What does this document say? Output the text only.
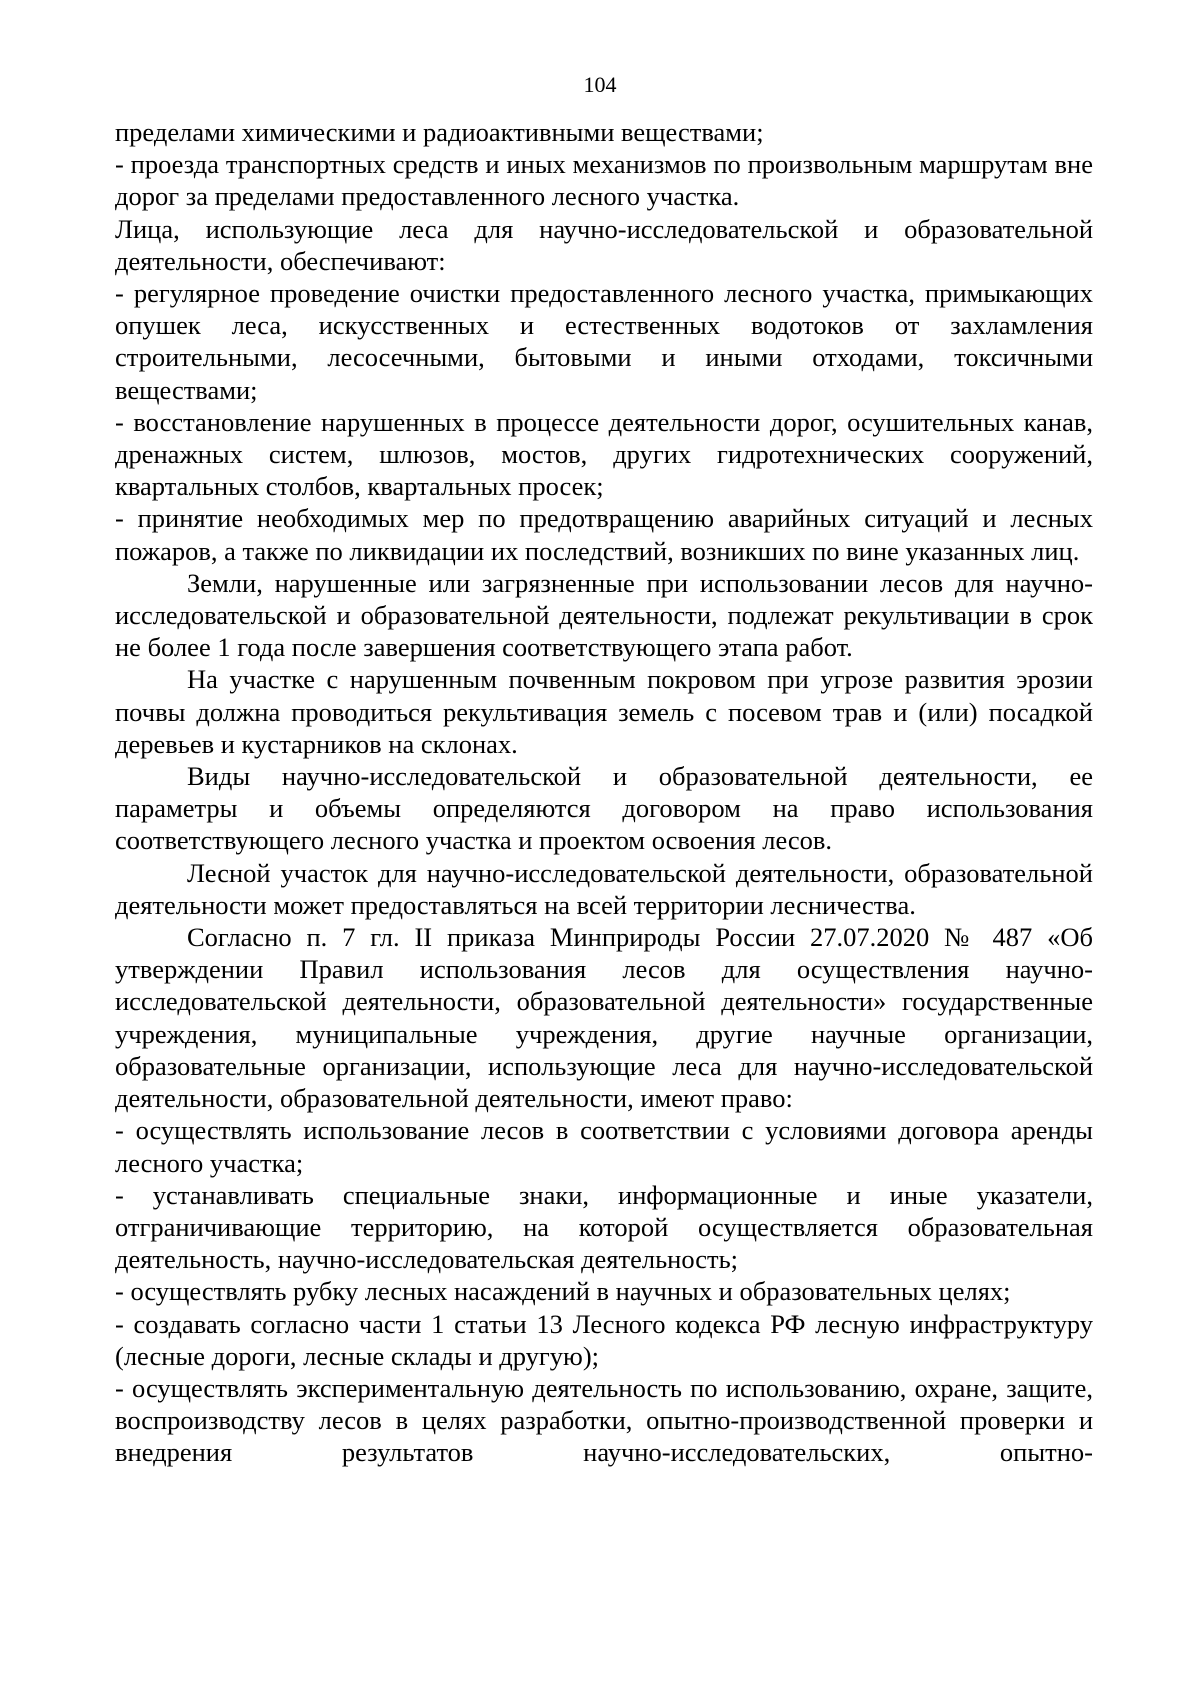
104

пределами химическими и радиоактивными веществами;

- проезда транспортных средств и иных механизмов по произвольным маршрутам вне дорог за пределами предоставленного лесного участка.

Лица, использующие леса для научно-исследовательской и образовательной деятельности, обеспечивают:

- регулярное проведение очистки предоставленного лесного участка, примыкающих опушек леса, искусственных и естественных водотоков от захламления строительными, лесосечными, бытовыми и иными отходами, токсичными веществами;

- восстановление нарушенных в процессе деятельности дорог, осушительных канав, дренажных систем, шлюзов, мостов, других гидротехнических сооружений, квартальных столбов, квартальных просек;

- принятие необходимых мер по предотвращению аварийных ситуаций и лесных пожаров, а также по ликвидации их последствий, возникших по вине указанных лиц.

Земли, нарушенные или загрязненные при использовании лесов для научно-исследовательской и образовательной деятельности, подлежат рекультивации в срок не более 1 года после завершения соответствующего этапа работ.

На участке с нарушенным почвенным покровом при угрозе развития эрозии почвы должна проводиться рекультивация земель с посевом трав и (или) посадкой деревьев и кустарников на склонах.

Виды научно-исследовательской и образовательной деятельности, ее параметры и объемы определяются договором на право использования соответствующего лесного участка и проектом освоения лесов.

Лесной участок для научно-исследовательской деятельности, образовательной деятельности может предоставляться на всей территории лесничества.

Согласно п. 7 гл. II приказа Минприроды России 27.07.2020 № 487 «Об утверждении Правил использования лесов для осуществления научно-исследовательской деятельности, образовательной деятельности» государственные учреждения, муниципальные учреждения, другие научные организации, образовательные организации, использующие леса для научно-исследовательской деятельности, образовательной деятельности, имеют право:

- осуществлять использование лесов в соответствии с условиями договора аренды лесного участка;

- устанавливать специальные знаки, информационные и иные указатели, отграничивающие территорию, на которой осуществляется образовательная деятельность, научно-исследовательская деятельность;

- осуществлять рубку лесных насаждений в научных и образовательных целях;

- создавать согласно части 1 статьи 13 Лесного кодекса РФ лесную инфраструктуру (лесные дороги, лесные склады и другую);

- осуществлять экспериментальную деятельность по использованию, охране, защите, воспроизводству лесов в целях разработки, опытно-производственной проверки и внедрения результатов научно-исследовательских, опытно-
